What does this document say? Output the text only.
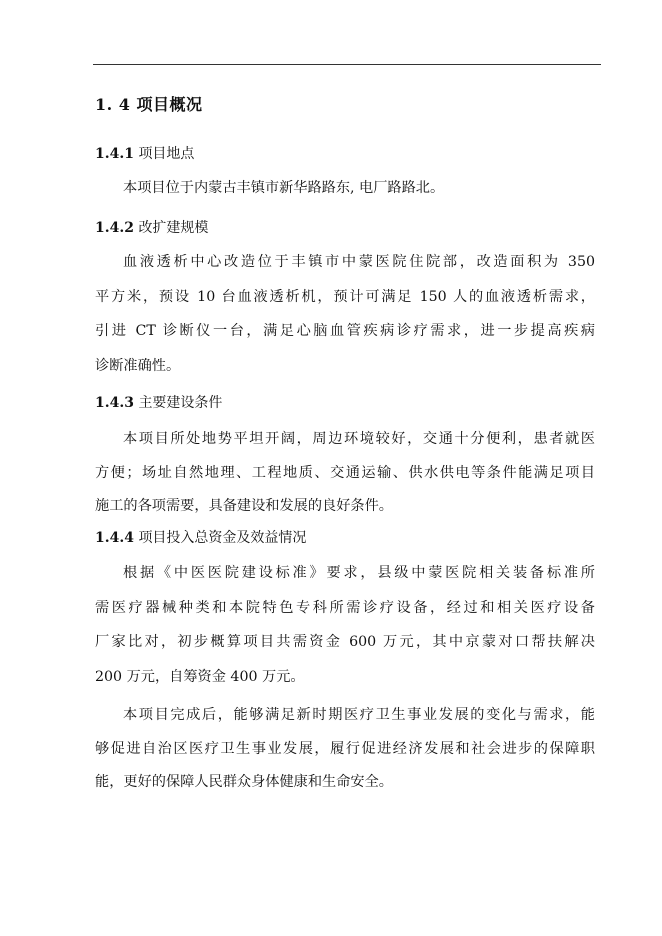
1. 4 项目概况
1.4.1 项目地点
本项目位于内蒙古丰镇市新华路路东, 电厂路路北。
1.4.2 改扩建规模
血液透析中心改造位于丰镇市中蒙医院住院部，改造面积为 350
平方米，预设 10 台血液透析机，预计可满足 150 人的血液透析需求，
引进 CT 诊断仪一台，满足心脑血管疾病诊疗需求，进一步提高疾病
诊断准确性。
1.4.3 主要建设条件
本项目所处地势平坦开阔，周边环境较好，交通十分便利，患者就医
方便；场址自然地理、工程地质、交通运输、供水供电等条件能满足项目
施工的各项需要，具备建设和发展的良好条件。
1.4.4 项目投入总资金及效益情况
根据《中医医院建设标准》要求，县级中蒙医院相关装备标准所
需医疗器械种类和本院特色专科所需诊疗设备，经过和相关医疗设备
厂家比对，初步概算项目共需资金 600 万元，其中京蒙对口帮扶解决
200 万元，自筹资金 400 万元。
本项目完成后，能够满足新时期医疗卫生事业发展的变化与需求，能
够促进自治区医疗卫生事业发展，履行促进经济发展和社会进步的保障职
能，更好的保障人民群众身体健康和生命安全。
